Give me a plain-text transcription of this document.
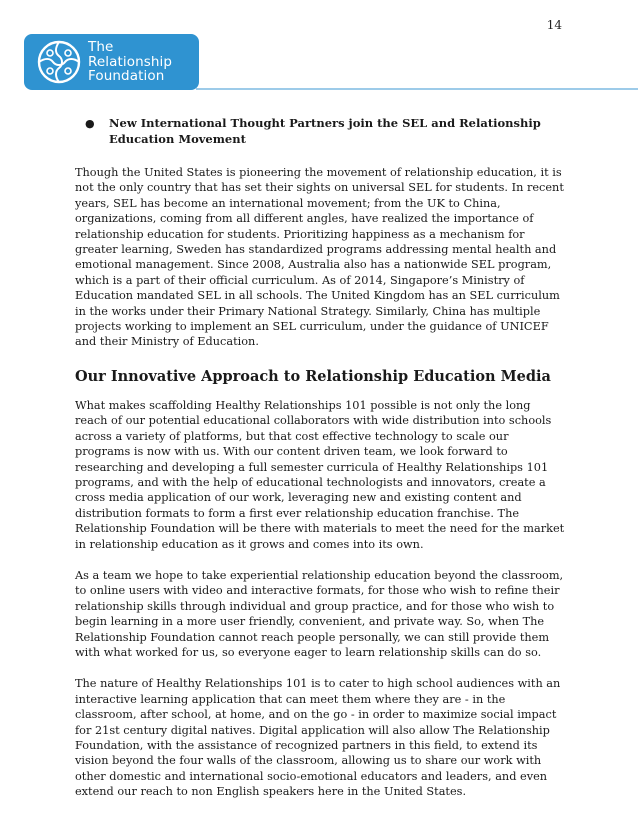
14
The
Relationship
Foundation
●	New International Thought Partners join the SEL and Relationship Education Movement

Though the United States is pioneering the movement of relationship education, it is not the only country that has set their sights on universal SEL for students. In recent years, SEL has become an international movement; from the UK to China, organizations, coming from all different angles, have realized the importance of relationship education for students. Prioritizing happiness as a mechanism for greater learning, Sweden has standardized programs addressing mental health and emotional management. Since 2008, Australia also has a nationwide SEL program, which is a part of their official curriculum. As of 2014, Singapore’s Ministry of Education mandated SEL in all schools. The United Kingdom has an SEL curriculum in the works under their Primary National Strategy. Similarly, China has multiple projects working to implement an SEL curriculum, under the guidance of UNICEF and their Ministry of Education.

Our Innovative Approach to Relationship Education Media

What makes scaffolding Healthy Relationships 101 possible is not only the long reach of our potential educational collaborators with wide distribution into schools across a variety of platforms, but that cost effective technology to scale our programs is now with us. With our content driven team, we look forward to researching and developing a full semester curricula of Healthy Relationships 101 programs, and with the help of educational technologists and innovators, create a cross media application of our work, leveraging new and existing content and distribution formats to form a first ever relationship education franchise. The Relationship Foundation will be there with materials to meet the need for the market in relationship education as it grows and comes into its own.

As a team we hope to take experiential relationship education beyond the classroom, to online users with video and interactive formats, for those who wish to refine their relationship skills through individual and group practice, and for those who wish to begin learning in a more user friendly, convenient, and private way. So, when The Relationship Foundation cannot reach people personally, we can still provide them with what worked for us, so everyone eager to learn relationship skills can do so.

The nature of Healthy Relationships 101 is to cater to high school audiences with an interactive learning application that can meet them where they are - in the classroom, after school, at home, and on the go - in order to maximize social impact for 21st century digital natives. Digital application will also allow The Relationship Foundation, with the assistance of recognized partners in this field, to extend its vision beyond the four walls of the classroom, allowing us to share our work with other domestic and international socio-emotional educators and leaders, and even extend our reach to non English speakers here in the United States.
